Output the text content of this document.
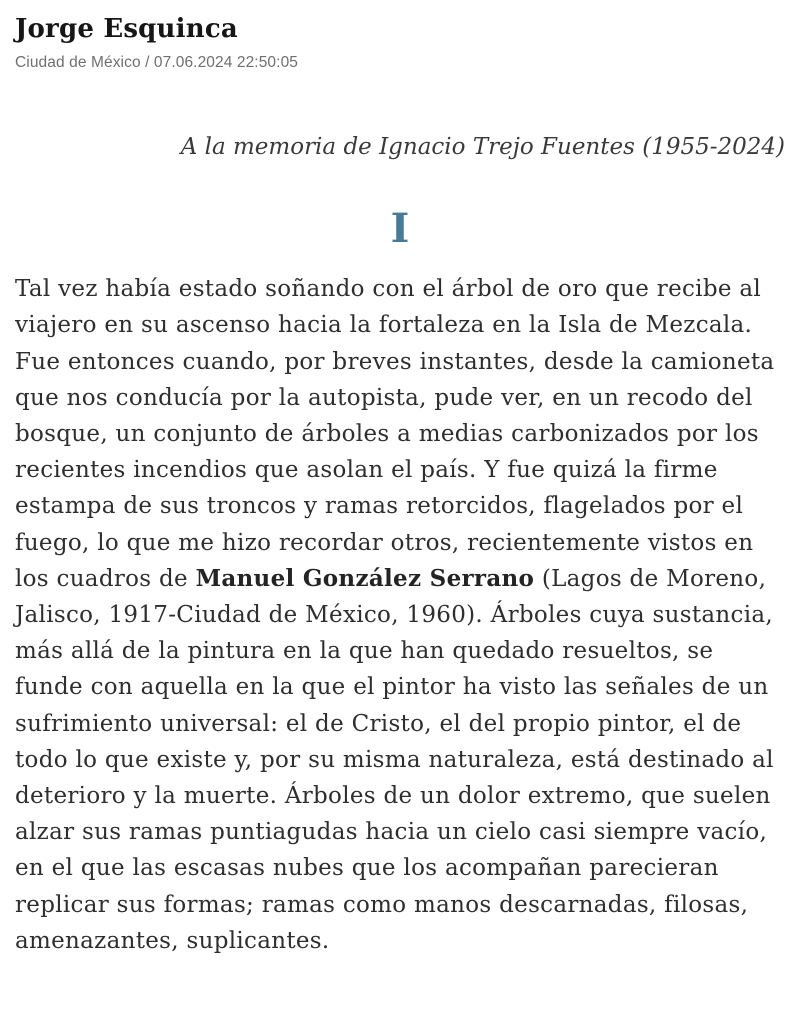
Jorge Esquinca

Ciudad de México / 07.06.2024 22:50:05

A la memoria de Ignacio Trejo Fuentes (1955-2024)

I

Tal vez había estado soñando con el árbol de oro que recibe al viajero en su ascenso hacia la fortaleza en la Isla de Mezcala. Fue entonces cuando, por breves instantes, desde la camioneta que nos conducía por la autopista, pude ver, en un recodo del bosque, un conjunto de árboles a medias carbonizados por los recientes incendios que asolan el país. Y fue quizá la firme estampa de sus troncos y ramas retorcidos, flagelados por el fuego, lo que me hizo recordar otros, recientemente vistos en los cuadros de Manuel González Serrano (Lagos de Moreno, Jalisco, 1917-Ciudad de México, 1960). Árboles cuya sustancia, más allá de la pintura en la que han quedado resueltos, se funde con aquella en la que el pintor ha visto las señales de un sufrimiento universal: el de Cristo, el del propio pintor, el de todo lo que existe y, por su misma naturaleza, está destinado al deterioro y la muerte. Árboles de un dolor extremo, que suelen alzar sus ramas puntiagudas hacia un cielo casi siempre vacío, en el que las escasas nubes que los acompañan parecieran replicar sus formas; ramas como manos descarnadas, filosas, amenazantes, suplicantes.
